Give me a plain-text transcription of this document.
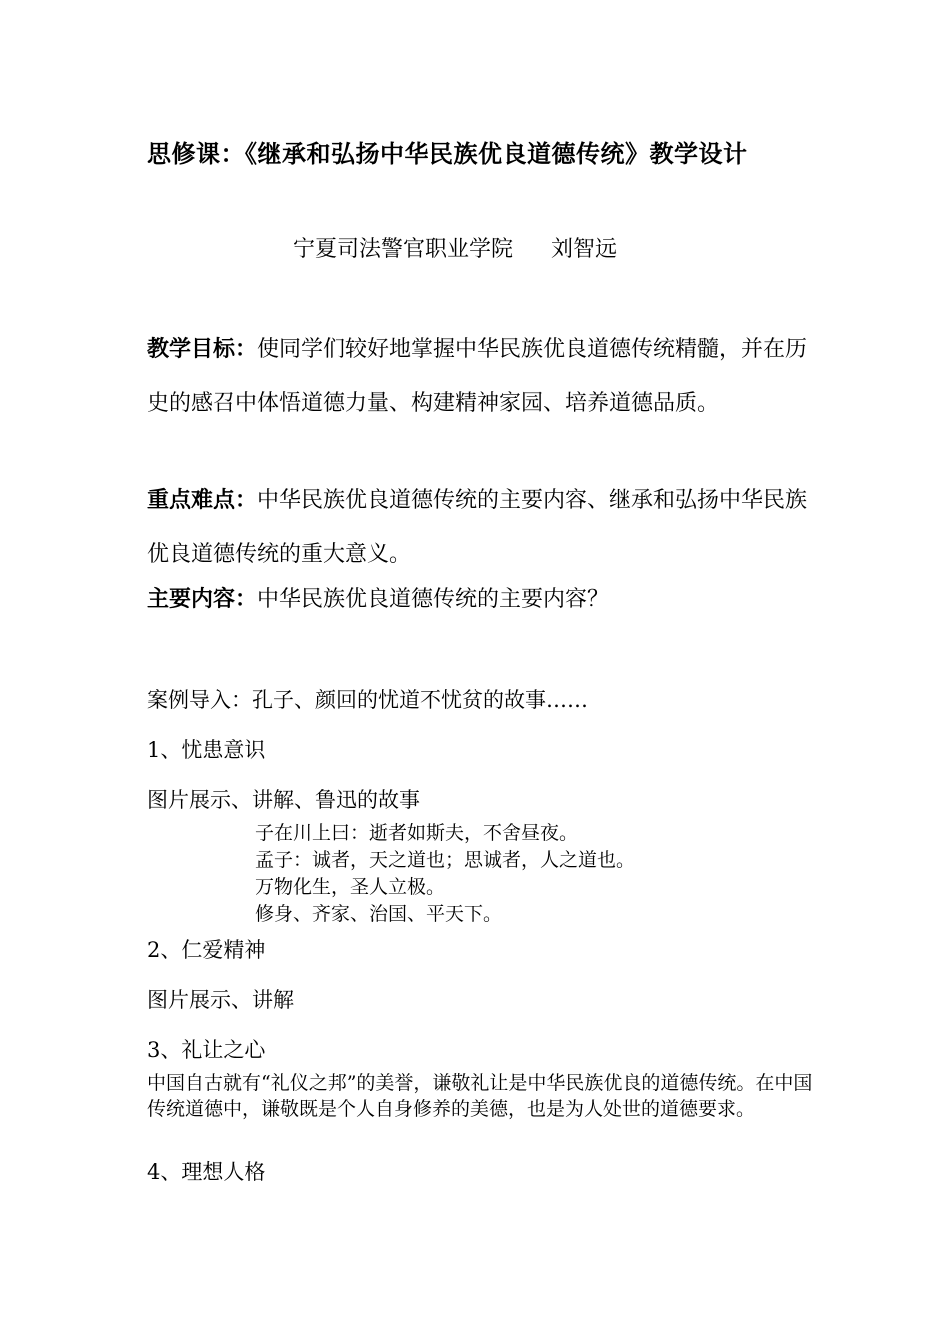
思修课：《继承和弘扬中华民族优良道德传统》教学设计
宁夏司法警官职业学院 刘智远
教学目标：使同学们较好地掌握中华民族优良道德传统精髓，并在历史的感召中体悟道德力量、构建精神家园、培养道德品质。
重点难点：中华民族优良道德传统的主要内容、继承和弘扬中华民族优良道德传统的重大意义。
主要内容：中华民族优良道德传统的主要内容？
案例导入：孔子、颜回的忧道不忧贫的故事……
1、忧患意识
图片展示、讲解、鲁迅的故事
子在川上曰：逝者如斯夫，不舍昼夜。
孟子：诚者，天之道也；思诚者，人之道也。
万物化生，圣人立极。
修身、齐家、治国、平天下。
2、仁爱精神
图片展示、讲解
3、礼让之心
中国自古就有“礼仪之邦”的美誉，谦敬礼让是中华民族优良的道德传统。在中国传统道德中，谦敬既是个人自身修养的美德，也是为人处世的道德要求。
4、理想人格
